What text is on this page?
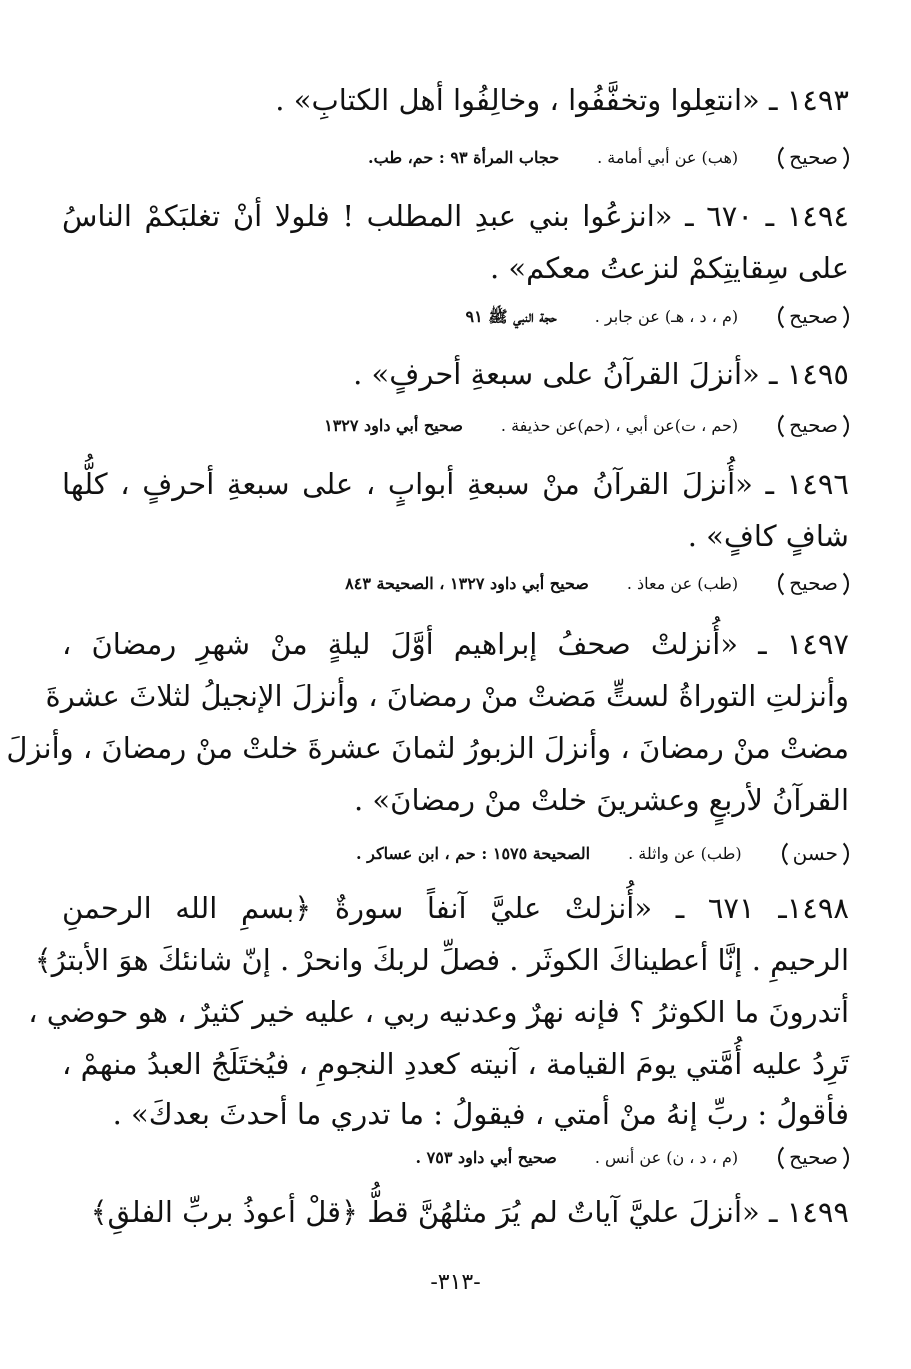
١٤٩٣ ـ «انتعِلوا وتخفَّفُوا ، وخالِفُوا أهل الكتابِ» .
صحيح(هب) عن أبي أمامة .حجاب المرأة ٩٣ : حم، طب.
١٤٩٤ ـ ٦٧٠ ـ «انزعُوا بني عبدِ المطلب ! فلولا أنْ تغلبَكمْ الناسُ
على سِقايتِكمْ لنزعتُ معكم» .
صحيح(م ، د ، هـ) عن جابر .حجة النبي ﷺ ٩١
١٤٩٥ ـ «أنزلَ القرآنُ على سبعةِ أحرفٍ» .
صحيح(حم ، ت)عن أبي ، (حم)عن حذيفة .صحيح أبي داود ١٣٢٧
١٤٩٦ ـ «أُنزلَ القرآنُ منْ سبعةِ أبوابٍ ، على سبعةِ أحرفٍ ، كلُّها
شافٍ كافٍ» .
صحيح(طب) عن معاذ .صحيح أبي داود ١٣٢٧ ، الصحيحة ٨٤٣
١٤٩٧ ـ «أُنزلتْ صحفُ إبراهيم أوَّلَ ليلةٍ منْ شهرِ رمضانَ ،
وأنزلتِ التوراةُ لستٍّ مَضتْ منْ رمضانَ ، وأنزلَ الإنجيلُ لثلاثَ عشرةَ
مضتْ منْ رمضانَ ، وأنزلَ الزبورُ لثمانَ عشرةَ خلتْ منْ رمضانَ ، وأنزلَ
القرآنُ لأربعٍ وعشرينَ خلتْ منْ رمضانَ» .
حسن(طب) عن واثلة .الصحيحة ١٥٧٥ : حم ، ابن عساكر .
١٤٩٨ـ ٦٧١ ـ «أُنزلتْ عليَّ آنفاً سورةٌ ﴿بسمِ الله الرحمنِ
الرحيمِ . إنَّا أعطيناكَ الكوثَر . فصلِّ لربكَ وانحرْ . إنّ شانئكَ هوَ الأبترُ﴾
أتدرونَ ما الكوثرُ ؟ فإنه نهرٌ وعدنيه ربي ، عليه خير كثيرٌ ، هو حوضي ،
تَرِدُ عليه أُمَّتي يومَ القيامة ، آنيته كعددِ النجومِ ، فيُختَلَجُ العبدُ منهمْ ،
فأقولُ : ربِّ إنهُ منْ أمتي ، فيقولُ : ما تدري ما أحدثَ بعدكَ» .
صحيح(م ، د ، ن) عن أنس .صحيح أبي داود ٧٥٣ .
١٤٩٩ ـ «أنزلَ عليَّ آياتٌ لم يُرَ مثلهُنَّ قطُّ ﴿قلْ أعوذُ بربِّ الفلقِ﴾
-٣١٣-
